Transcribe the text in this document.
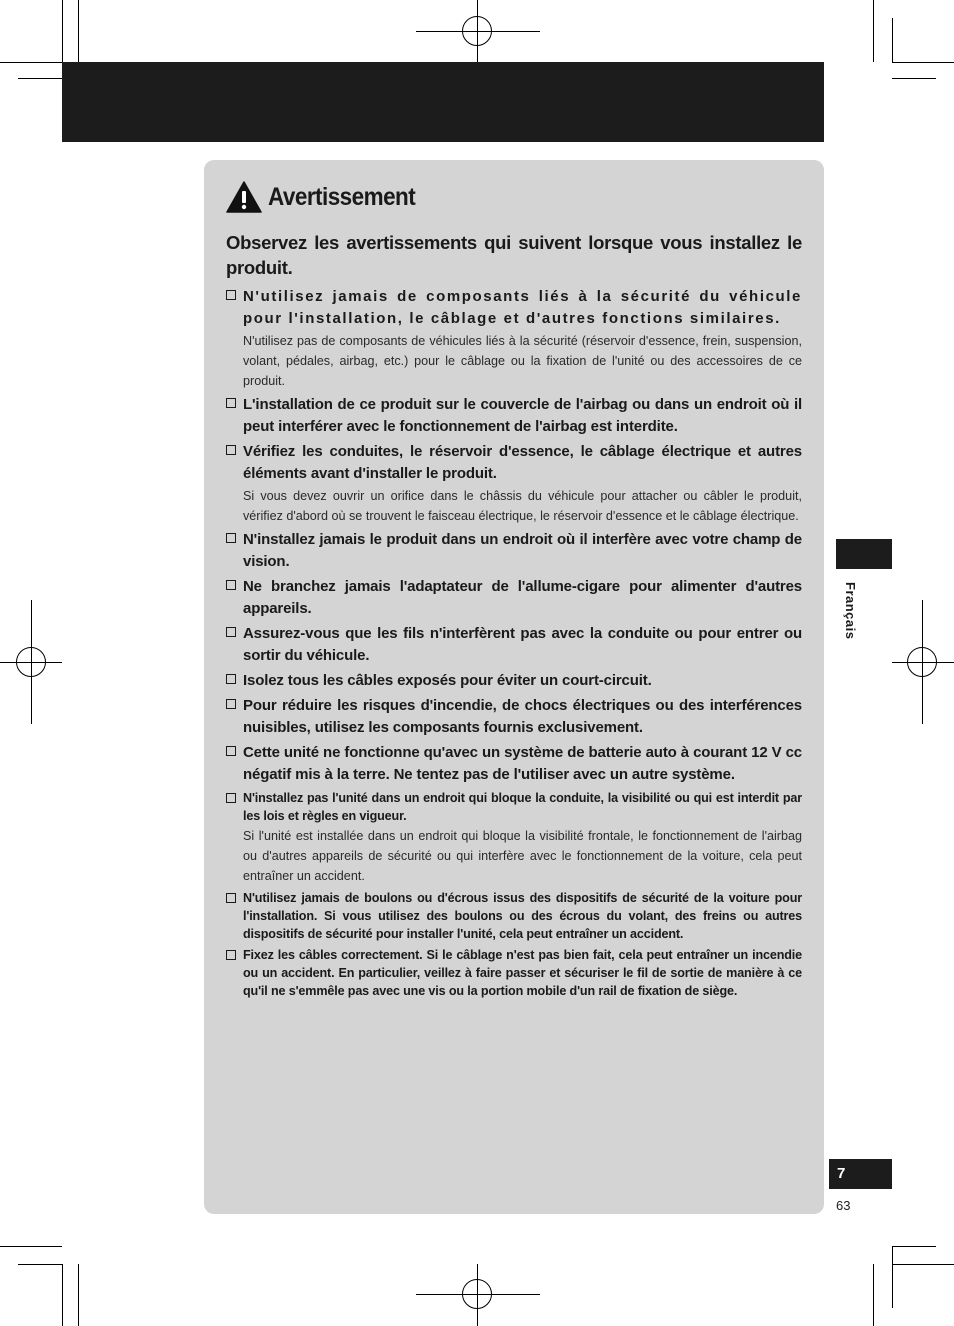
Avertissement
Observez les avertissements qui suivent lorsque vous installez le produit.
N'utilisez jamais de composants liés à la sécurité du véhicule pour l'installation, le câblage et d'autres fonctions similaires.
N'utilisez pas de composants de véhicules liés à la sécurité (réservoir d'essence, frein, suspension, volant, pédales, airbag, etc.) pour le câblage ou la fixation de l'unité ou des accessoires de ce produit.
L'installation de ce produit sur le couvercle de l'airbag ou dans un endroit où il peut interférer avec le fonctionnement de l'airbag est interdite.
Vérifiez les conduites, le réservoir d'essence, le câblage électrique et autres éléments avant d'installer le produit.
Si vous devez ouvrir un orifice dans le châssis du véhicule pour attacher ou câbler le produit, vérifiez d'abord où se trouvent le faisceau électrique, le réservoir d'essence et le câblage électrique.
N'installez jamais le produit dans un endroit où il interfère avec votre champ de vision.
Ne branchez jamais l'adaptateur de l'allume-cigare pour alimenter d'autres appareils.
Assurez-vous que les fils n'interfèrent pas avec la conduite ou pour entrer ou sortir du véhicule.
Isolez tous les câbles exposés pour éviter un court-circuit.
Pour réduire les risques d'incendie, de chocs électriques ou des interférences nuisibles, utilisez les composants fournis exclusivement.
Cette unité ne fonctionne qu'avec un système de batterie auto à courant 12 V cc négatif mis à la terre. Ne tentez pas de l'utiliser avec un autre système.
N'installez pas l'unité dans un endroit qui bloque la conduite, la visibilité ou qui est interdit par les lois et règles en vigueur.
Si l'unité est installée dans un endroit qui bloque la visibilité frontale, le fonctionnement de l'airbag ou d'autres appareils de sécurité ou qui interfère avec le fonctionnement de la voiture, cela peut entraîner un accident.
N'utilisez jamais de boulons ou d'écrous issus des dispositifs de sécurité de la voiture pour l'installation. Si vous utilisez des boulons ou des écrous du volant, des freins ou autres dispositifs de sécurité pour installer l'unité, cela peut entraîner un accident.
Fixez les câbles correctement. Si le câblage n'est pas bien fait, cela peut entraîner un incendie ou un accident. En particulier, veillez à faire passer et sécuriser le fil de sortie de manière à ce qu'il ne s'emmêle pas avec une vis ou la portion mobile d'un rail de fixation de siège.
Français
7
63
